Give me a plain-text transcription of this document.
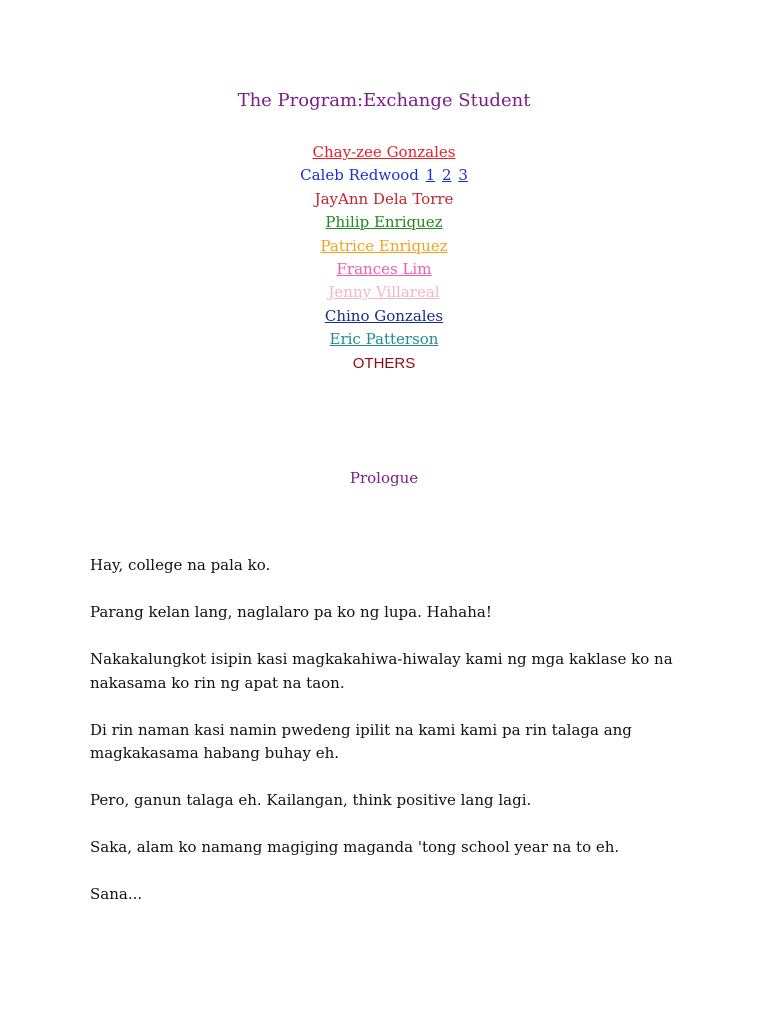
The Program:Exchange Student
Chay-zee Gonzales
Caleb Redwood 1 2 3
JayAnn Dela Torre
Philip Enriquez
Patrice Enriquez
Frances Lim
Jenny Villareal
Chino Gonzales
Eric Patterson
OTHERS
Prologue

Hay, college na pala ko.

Parang kelan lang, naglalaro pa ko ng lupa. Hahaha!

Nakakalungkot isipin kasi magkakahiwa-hiwalay kami ng mga kaklase ko na nakasama ko rin ng apat na taon.

Di rin naman kasi namin pwedeng ipilit na kami kami pa rin talaga ang magkakasama habang buhay eh.

Pero, ganun talaga eh. Kailangan, think positive lang lagi.

Saka, alam ko namang magiging maganda 'tong school year na to eh.

Sana...
